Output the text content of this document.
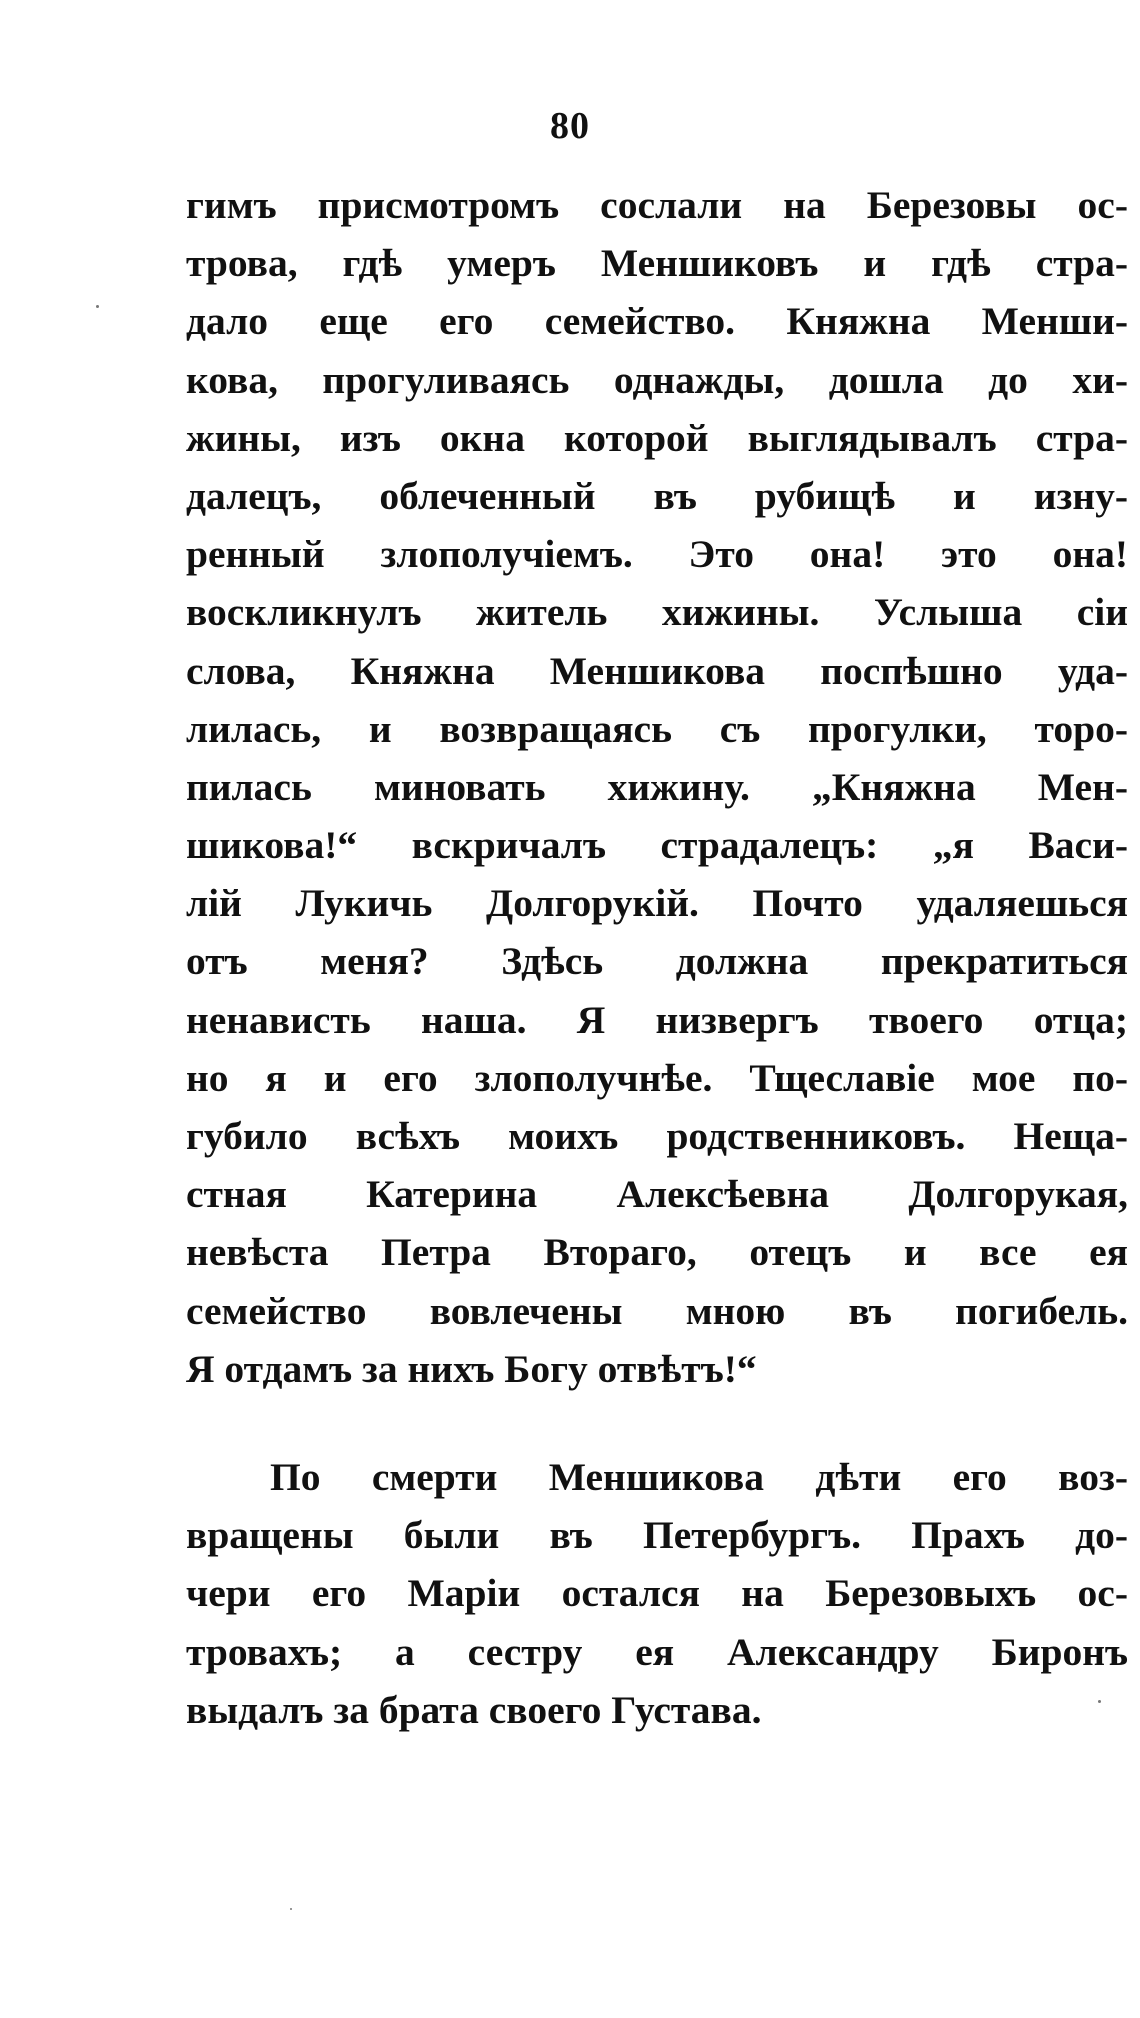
80
гимъ присмотромъ сослали на Березовы ос-
трова, гдѣ умеръ Меншиковъ и гдѣ стра-
дало еще его семейство. Княжна Менши-
кова, прогуливаясь однажды, дошла до хи-
жины, изъ окна которой выглядывалъ стра-
далецъ, облеченный въ рубищѣ и изну-
ренный злополучіемъ. Это она! это она!
воскликнулъ житель хижины. Услыша сіи
слова, Княжна Меншикова поспѣшно уда-
лилась, и возвращаясь съ прогулки, торо-
пилась миновать хижину. „Княжна Мен-
шикова!“ вскричалъ страдалецъ: „я Васи-
лій Лукичь Долгорукій. Почто удаляешься
отъ меня? Здѣсь должна прекратиться
ненависть наша. Я низвергъ твоего отца;
но я и его злополучнѣе. Тщеславіе мое по-
губило всѣхъ моихъ родственниковъ. Неща-
стная Катерина Алексѣевна Долгорукая,
невѣста Петра Втораго, отецъ и все ея
семейство вовлечены мною въ погибель.
Я отдамъ за нихъ Богу отвѣтъ!“
По смерти Меншикова дѣти его воз-
вращены были въ Петербургъ. Прахъ до-
чери его Маріи остался на Березовыхъ ос-
тровахъ; а сестру ея Александру Биронъ
выдалъ за брата своего Густава.
